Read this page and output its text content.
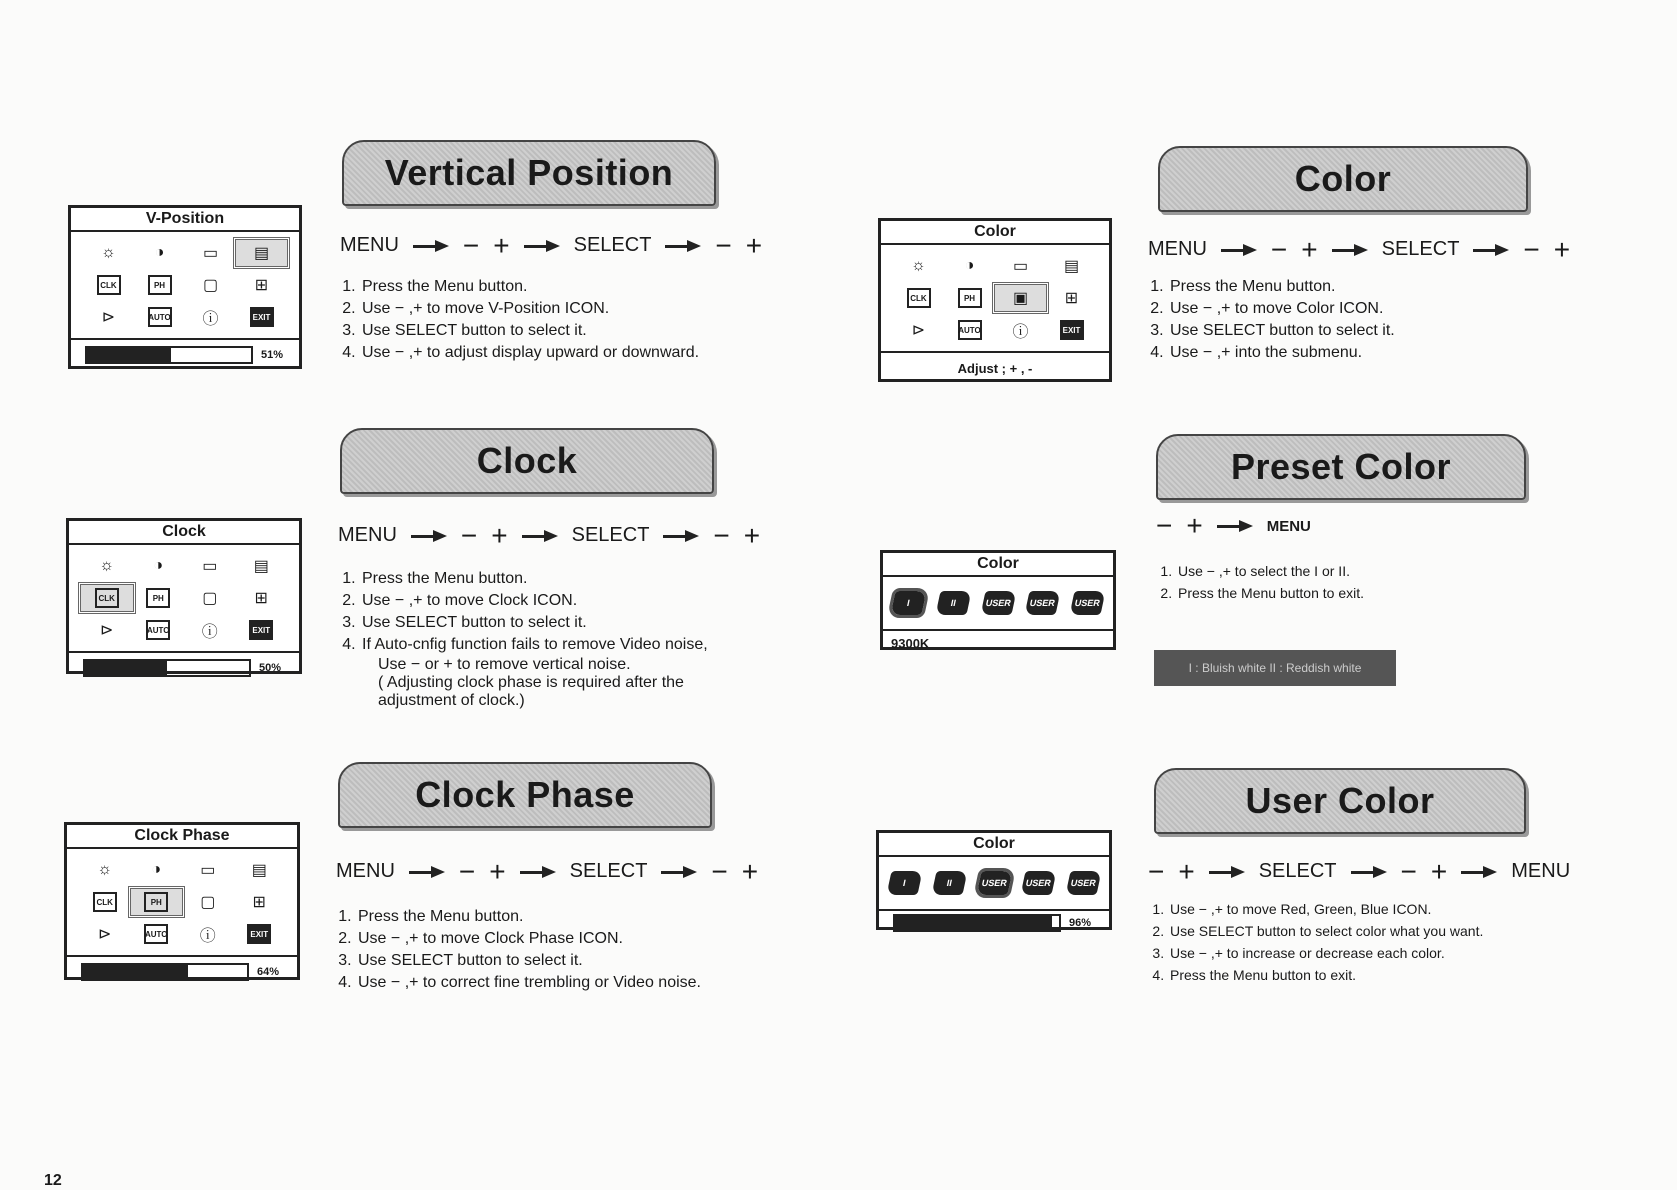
Vertical Position
V-Position
☼	◑	▭	▤
CLK	PH	▢	⊞
⊳	AUTO	ⓘ	EXIT
51%
MENU − +	SELECT − +
1. Press the Menu button.
2. Use − ,+ to move V-Position ICON.
3. Use SELECT button to select it.
4. Use − ,+ to adjust display upward or downward.
Clock
Clock
☼	◑	▭	▤
CLK	PH	▢	⊞
⊳	AUTO	ⓘ	EXIT
50%
MENU − +	SELECT − +
1. Press the Menu button.
2. Use − ,+ to move Clock ICON.
3. Use SELECT button to select it.
4. If Auto-cnfig function fails to remove Video noise,
Use − or + to remove vertical noise.
( Adjusting clock phase is required after the
adjustment of clock.)
Clock Phase
Clock Phase
☼	◑	▭	▤
CLK	PH	▢	⊞
⊳	AUTO	ⓘ	EXIT
64%
MENU − +	SELECT − +
1. Press the Menu button.
2. Use − ,+ to move Clock Phase ICON.
3. Use SELECT button to select it.
4. Use − ,+ to correct fine trembling or Video noise.
12
Color
Color
☼	◑	▭	▤
CLK	PH	▣	⊞
⊳	AUTO	ⓘ	EXIT
Adjust ; + , -
MENU − +	SELECT − +
1. Press the Menu button.
2. Use − ,+ to move Color ICON.
3. Use SELECT button to select it.
4. Use − ,+ into the submenu.
Preset Color
Color
I	II	USER	USER	USER
9300K
− +	MENU
1. Use − ,+ to select the I or II.
2. Press the Menu button to exit.
I : Bluish white II : Reddish white
User Color
Color
I	II	USER	USER	USER
96%
− +	SELECT − +	MENU
1. Use − ,+ to move Red, Green, Blue ICON.
2. Use SELECT button to select color what you want.
3. Use − ,+ to increase or decrease each color.
4. Press the Menu button to exit.
